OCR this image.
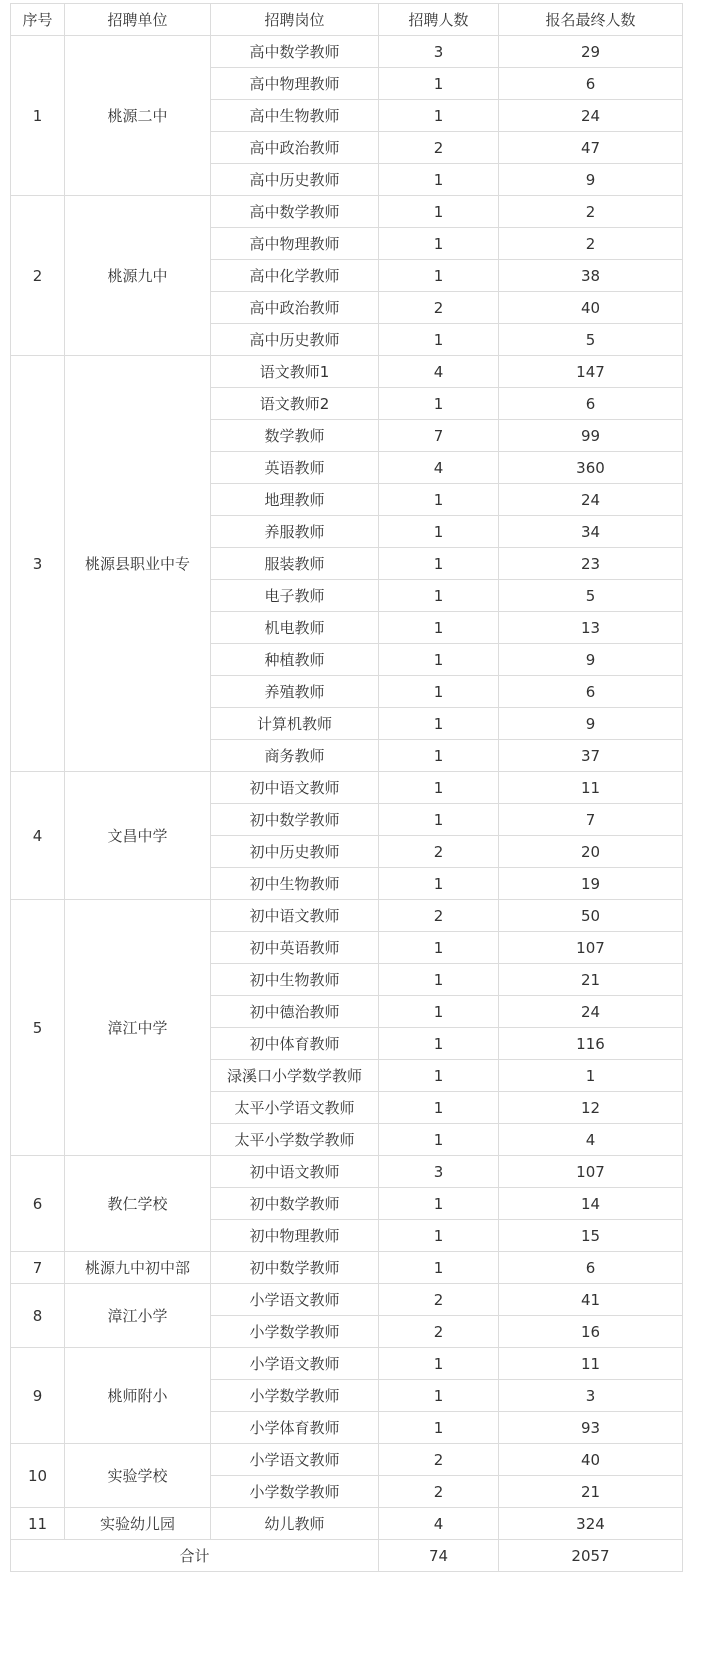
序号	招聘单位	招聘岗位	招聘人数	报名最终人数
1	桃源二中	高中数学教师	3	29
		高中物理教师	1	6
		高中生物教师	1	24
		高中政治教师	2	47
		高中历史教师	1	9
2	桃源九中	高中数学教师	1	2
		高中物理教师	1	2
		高中化学教师	1	38
		高中政治教师	2	40
		高中历史教师	1	5
3	桃源县职业中专	语文教师1	4	147
		语文教师2	1	6
		数学教师	7	99
		英语教师	4	360
		地理教师	1	24
		养服教师	1	34
		服装教师	1	23
		电子教师	1	5
		机电教师	1	13
		种植教师	1	9
		养殖教师	1	6
		计算机教师	1	9
		商务教师	1	37
4	文昌中学	初中语文教师	1	11
		初中数学教师	1	7
		初中历史教师	2	20
		初中生物教师	1	19
5	漳江中学	初中语文教师	2	50
		初中英语教师	1	107
		初中生物教师	1	21
		初中德治教师	1	24
		初中体育教师	1	116
		渌溪口小学数学教师	1	1
		太平小学语文教师	1	12
		太平小学数学教师	1	4
6	教仁学校	初中语文教师	3	107
		初中数学教师	1	14
		初中物理教师	1	15
7	桃源九中初中部	初中数学教师	1	6
8	漳江小学	小学语文教师	2	41
		小学数学教师	2	16
9	桃师附小	小学语文教师	1	11
		小学数学教师	1	3
		小学体育教师	1	93
10	实验学校	小学语文教师	2	40
		小学数学教师	2	21
11	实验幼儿园	幼儿教师	4	324
合计			74	2057
